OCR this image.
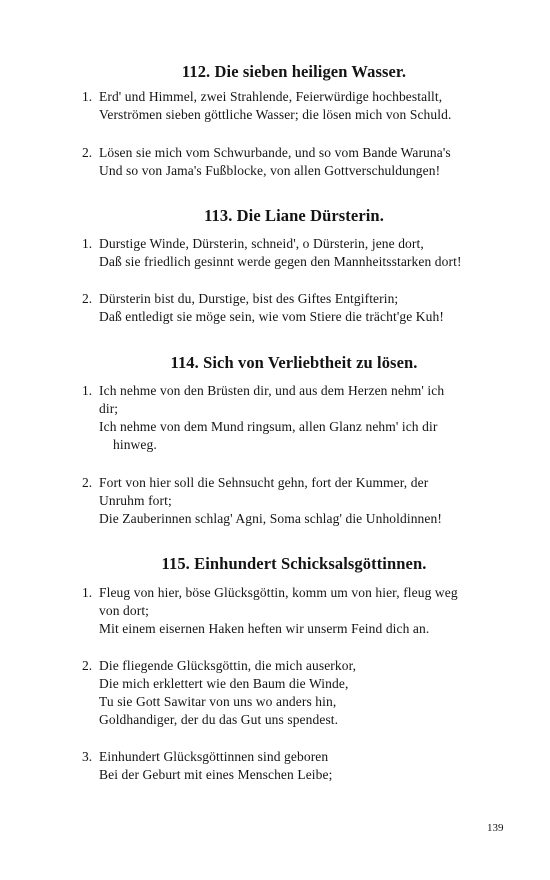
112. Die sieben heiligen Wasser.
1. Erd' und Himmel, zwei Strahlende, Feierwürdige hochbestallt,
Verströmen sieben göttliche Wasser; die lösen mich von Schuld.
2. Lösen sie mich vom Schwurbande, und so vom Bande Waruna's
Und so von Jama's Fußblocke, von allen Gottverschuldungen!
113. Die Liane Dürsterin.
1. Durstige Winde, Dürsterin, schneid', o Dürsterin, jene dort,
Daß sie friedlich gesinnt werde gegen den Mannheitsstarken dort!
2. Dürsterin bist du, Durstige, bist des Giftes Entgifterin;
Daß entledigt sie möge sein, wie vom Stiere die trächt'ge Kuh!
114. Sich von Verliebtheit zu lösen.
1. Ich nehme von den Brüsten dir, und aus dem Herzen nehm' ich
dir;
Ich nehme von dem Mund ringsum, allen Glanz nehm' ich dir
hinweg.
2. Fort von hier soll die Sehnsucht gehn, fort der Kummer, der
Unruhm fort;
Die Zauberinnen schlag' Agni, Soma schlag' die Unholdinnen!
115. Einhundert Schicksalsgöttinnen.
1. Fleug von hier, böse Glücksgöttin, komm um von hier, fleug weg
von dort;
Mit einem eisernen Haken heften wir unserm Feind dich an.
2. Die fliegende Glücksgöttin, die mich auserkor,
Die mich erklettert wie den Baum die Winde,
Tu sie Gott Sawitar von uns wo anders hin,
Goldhandiger, der du das Gut uns spendest.
3. Einhundert Glücksgöttinnen sind geboren
Bei der Geburt mit eines Menschen Leibe;
139
